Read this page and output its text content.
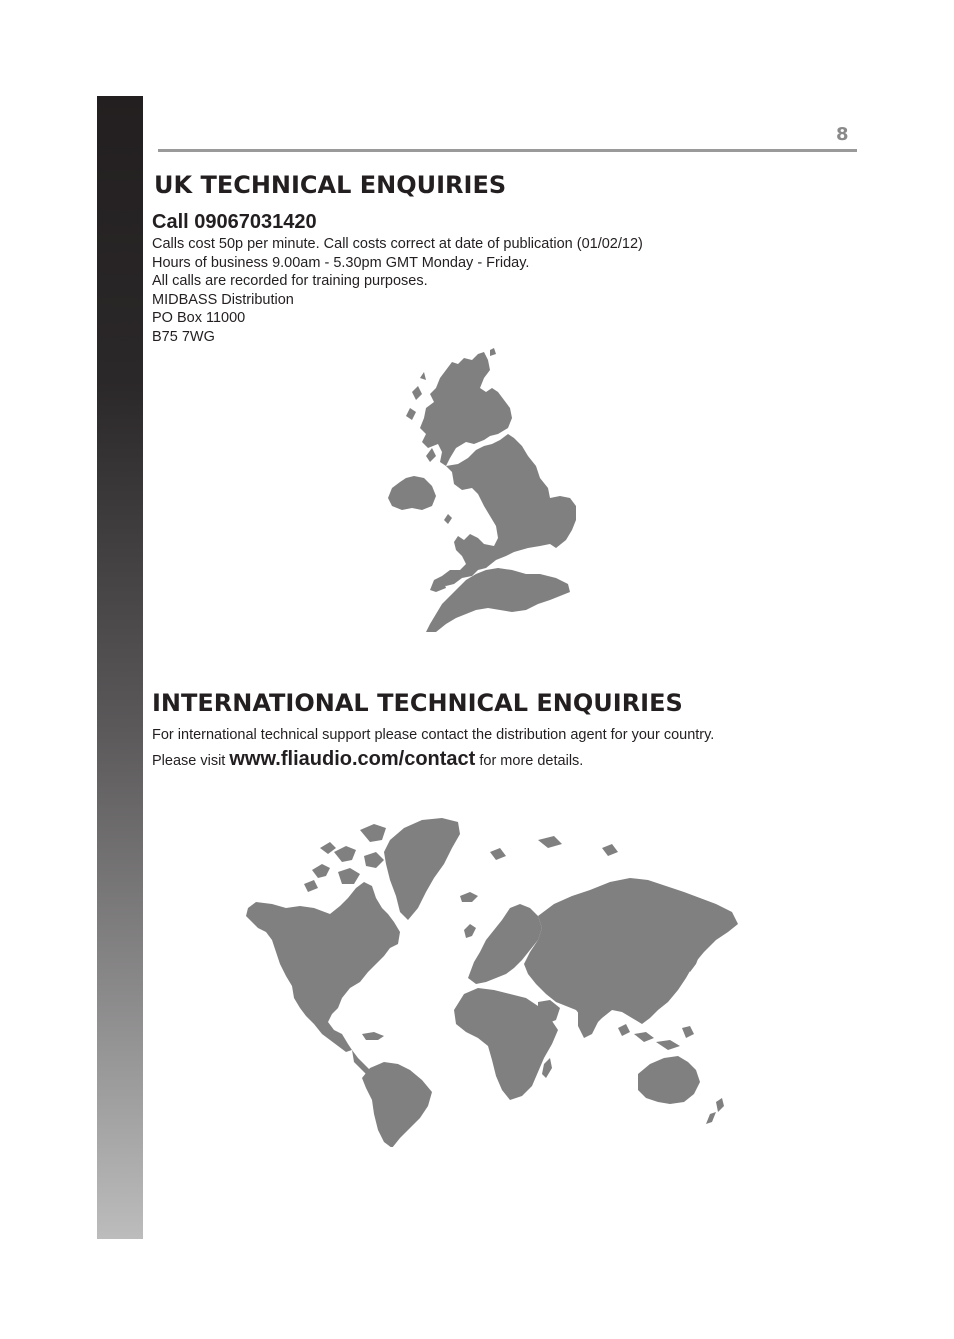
8
UK TECHNICAL ENQUIRIES
Call 09067031420
Calls cost 50p per minute. Call costs correct at date of publication (01/02/12)
Hours of business 9.00am - 5.30pm GMT Monday - Friday.
All calls are recorded for training purposes.
MIDBASS Distribution
PO Box 11000
B75 7WG
INTERNATIONAL TECHNICAL ENQUIRIES
For international technical support please contact the distribution agent for your country.
Please visit www.fliaudio.com/contact for more details.
